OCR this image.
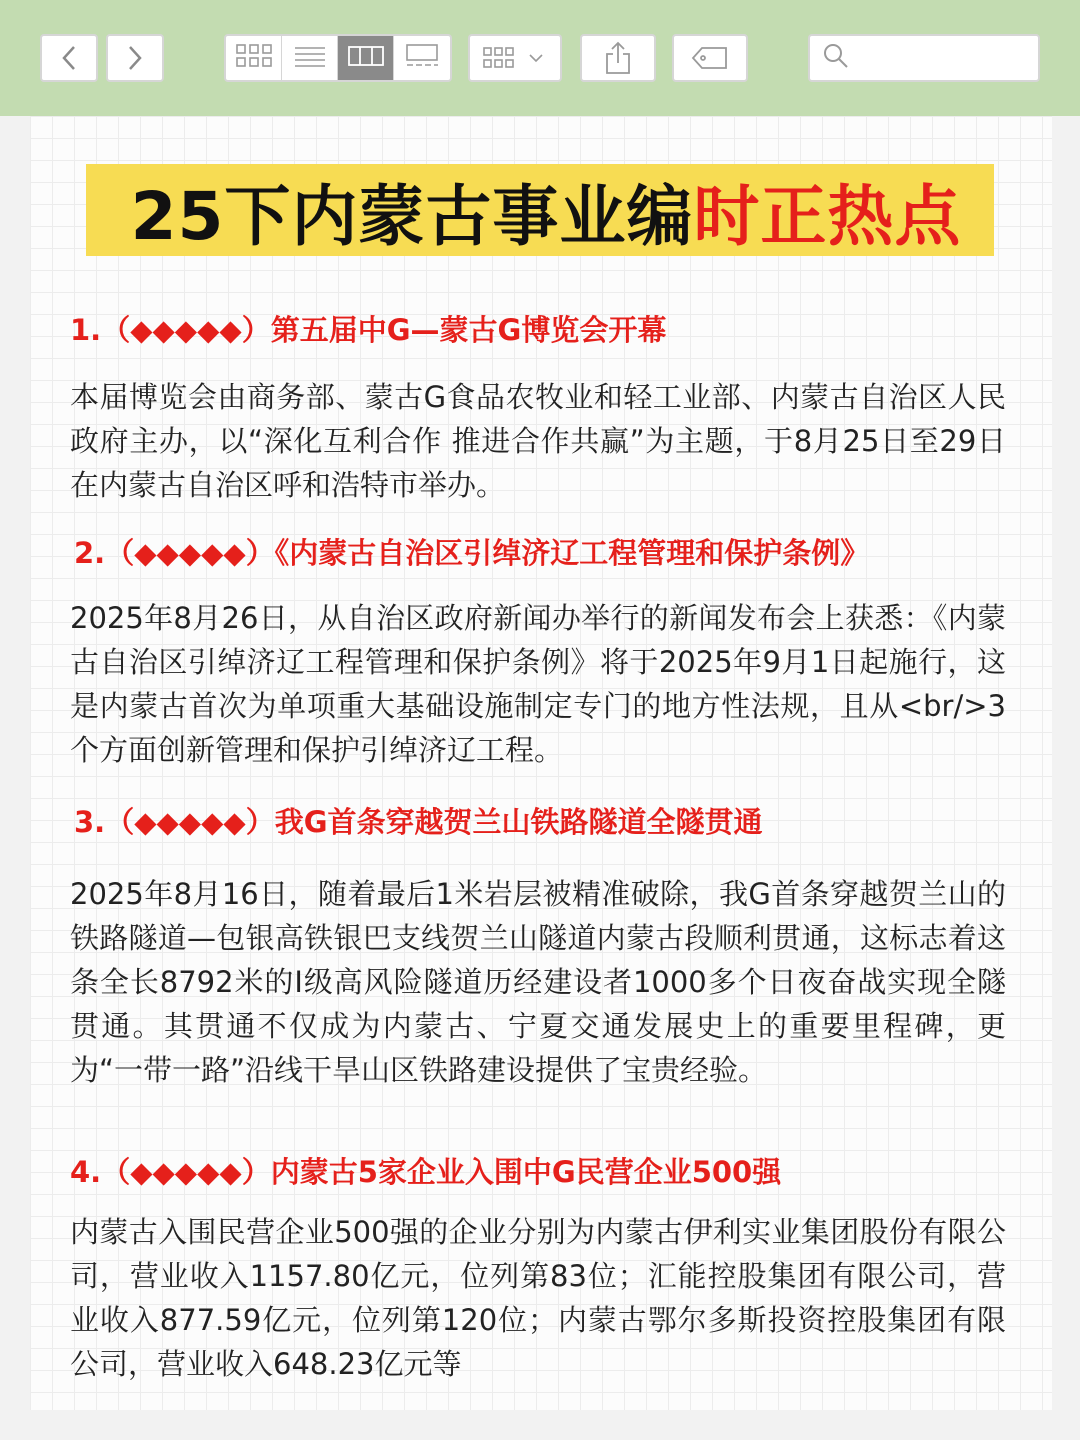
25下内蒙古事业编 时正热点
1.（◆◆◆◆◆）第五届中G—蒙古G博览会开幕
本届博览会由商务部、蒙古G食品农牧业和轻工业部、内蒙古自治区人民政府主办，以“深化互利合作 推进合作共赢”为主题，于8月25日至29日在内蒙古自治区呼和浩特市举办。
2.（◆◆◆◆◆）《内蒙古自治区引绰济辽工程管理和保护条例》
2025年8月26日，从自治区政府新闻办举行的新闻发布会上获悉：《内蒙古自治区引绰济辽工程管理和保护条例》将于2025年9月1日起施行，这是内蒙古首次为单项重大基础设施制定专门的地方性法规，且从<br/>3个方面创新管理和保护引绰济辽工程。
3.（◆◆◆◆◆）我G首条穿越贺兰山铁路隧道全隧贯通
2025年8月16日，随着最后1米岩层被精准破除，我G首条穿越贺兰山的铁路隧道—包银高铁银巴支线贺兰山隧道内蒙古段顺利贯通，这标志着这条全长8792米的I级高风险隧道历经建设者1000多个日夜奋战实现全隧贯通。其贯通不仅成为内蒙古、宁夏交通发展史上的重要里程碑，更为“一带一路”沿线干旱山区铁路建设提供了宝贵经验。
4.（◆◆◆◆◆）内蒙古5家企业入围中G民营企业500强
内蒙古入围民营企业500强的企业分别为内蒙古伊利实业集团股份有限公司，营业收入1157.80亿元，位列第83位；汇能控股集团有限公司，营业收入877.59亿元，位列第120位；内蒙古鄂尔多斯投资控股集团有限公司，营业收入648.23亿元等
